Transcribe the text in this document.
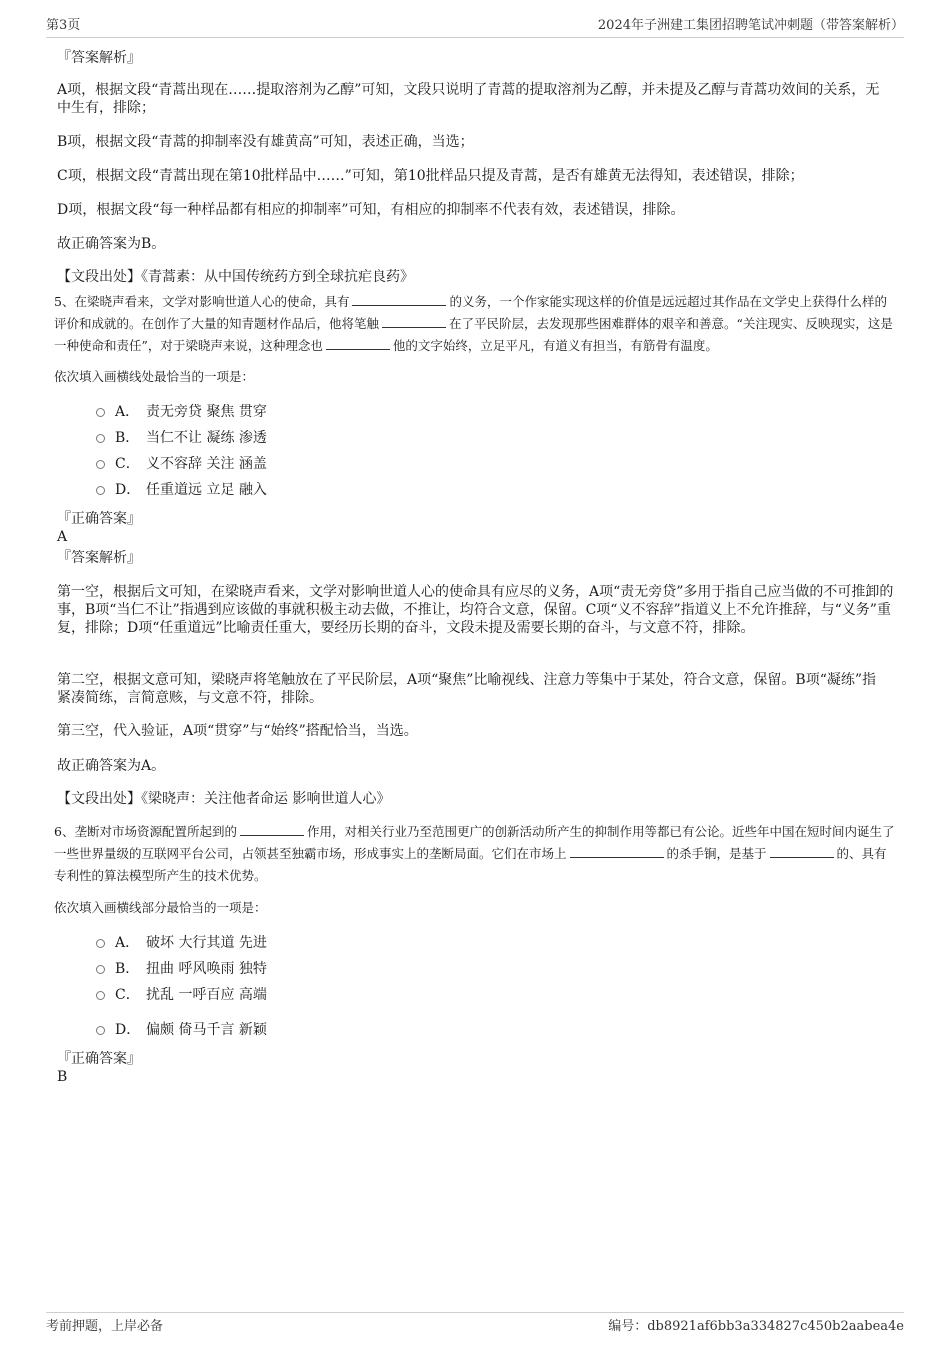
第3页	2024年子洲建工集团招聘笔试冲刺题（带答案解析）
『答案解析』
A项，根据文段“青蒿出现在……提取溶剂为乙醇”可知，文段只说明了青蒿的提取溶剂为乙醇，并未提及乙醇与青蒿功效间的关系，无中生有，排除；
B项，根据文段“青蒿的抑制率没有雄黄高”可知，表述正确，当选；
C项，根据文段“青蒿出现在第10批样品中……”可知，第10批样品只提及青蒿，是否有雄黄无法得知，表述错误，排除；
D项，根据文段“每一种样品都有相应的抑制率”可知，有相应的抑制率不代表有效，表述错误，排除。
故正确答案为B。
【文段出处】《青蒿素：从中国传统药方到全球抗疟良药》
5、在梁晓声看来，文学对影响世道人心的使命，具有	的义务，一个作家能实现这样的价值是远远超过其作品在文学史上获得什么样的评价和成就的。在创作了大量的知青题材作品后，他将笔触	在了平民阶层，去发现那些困难群体的艰辛和善意。“关注现实、反映现实，这是一种使命和责任”，对于梁晓声来说，这种理念也	他的文字始终，立足平凡，有道义有担当，有筋骨有温度。
依次填入画横线处最恰当的一项是：
A． 责无旁贷 聚焦 贯穿
B． 当仁不让 凝练 渗透
C． 义不容辞 关注 涵盖
D． 任重道远 立足 融入
『正确答案』
A
『答案解析』
第一空，根据后文可知，在梁晓声看来，文学对影响世道人心的使命具有应尽的义务，A项“责无旁贷”多用于指自己应当做的不可推卸的事，B项“当仁不让”指遇到应该做的事就积极主动去做，不推让，均符合文意，保留。C项“义不容辞”指道义上不允许推辞，与“义务”重复，排除；D项“任重道远”比喻责任重大，要经历长期的奋斗，文段未提及需要长期的奋斗，与文意不符，排除。
第二空，根据文意可知，梁晓声将笔触放在了平民阶层，A项“聚焦”比喻视线、注意力等集中于某处，符合文意，保留。B项“凝练”指紧凑简练，言简意赅，与文意不符，排除。
第三空，代入验证，A项“贯穿”与“始终”搭配恰当，当选。
故正确答案为A。
【文段出处】《梁晓声：关注他者命运 影响世道人心》
6、垄断对市场资源配置所起到的	作用，对相关行业乃至范围更广的创新活动所产生的抑制作用等都已有公论。近些年中国在短时间内诞生了一些世界量级的互联网平台公司，占领甚至独霸市场，形成事实上的垄断局面。它们在市场上	的杀手锏，是基于	的、具有专利性的算法模型所产生的技术优势。
依次填入画横线部分最恰当的一项是：
A． 破坏 大行其道 先进
B． 扭曲 呼风唤雨 独特
C． 扰乱 一呼百应 高端
D． 偏颇 倚马千言 新颖
『正确答案』
B
考前押题，上岸必备	编号：db8921af6bb3a334827c450b2aabea4e
